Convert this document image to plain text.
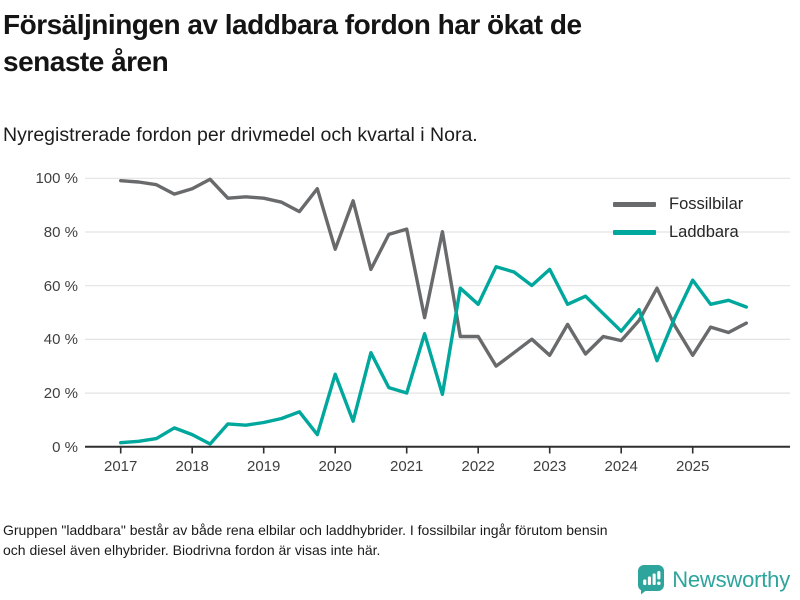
Försäljningen av laddbara fordon har ökat de
senaste åren
Nyregistrerade fordon per drivmedel och kvartal i Nora.
100 %
80 %
60 %
40 %
20 %
0 %
2017	2018	2019	2020	2021	2022	2023	2024	2025
Fossilbilar
Laddbara
Gruppen "laddbara" består av både rena elbilar och laddhybrider. I fossilbilar ingår förutom bensin
och diesel även elhybrider. Biodrivna fordon är visas inte här.
Newsworthy
